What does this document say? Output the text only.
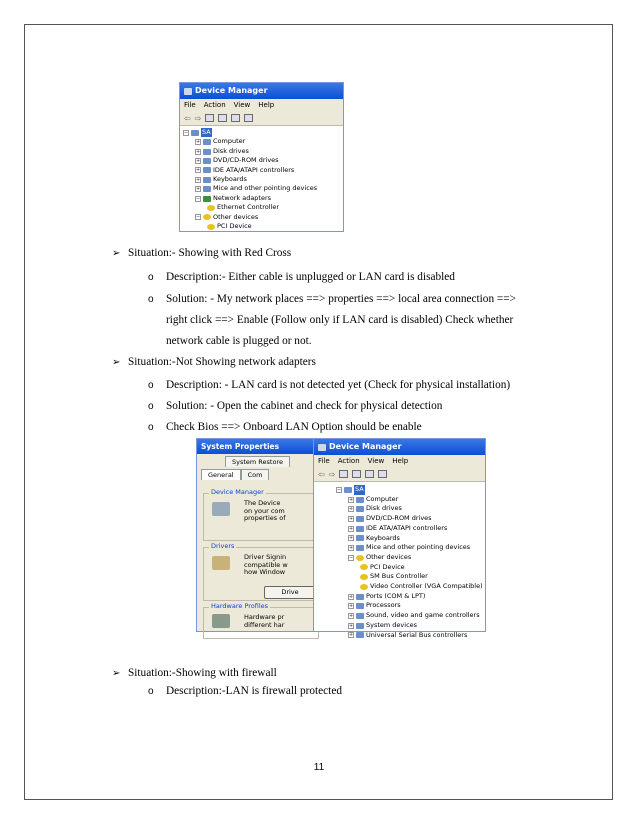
Device Manager
File Action View Help
⇦ ⇨
− SA
+ Computer
+ Disk drives
+ DVD/CD-ROM drives
+ IDE ATA/ATAPI controllers
+ Keyboards
+ Mice and other pointing devices
− Network adapters
Ethernet Controller
− Other devices
PCI Device
➢ Situation:- Showing with Red Cross
o Description:- Either cable is unplugged or LAN card is disabled
o Solution: - My network places ==> properties ==> local area connection ==>
right click ==> Enable (Follow only if LAN card is disabled) Check whether
network cable is plugged or not.
➢ Situation:-Not Showing network adapters
o Description: - LAN card is not detected yet (Check for physical installation)
o Solution: - Open the cabinet and check for physical detection
o Check Bios ==> Onboard LAN Option should be enable
System Properties
System Restore
General	Com
Device Manager
The Device
on your com
properties of
Drivers
Driver Signin
compatible w
how Window
Drive
Hardware Profiles
Hardware pr
different har
Device Manager
File Action View Help
⇦ ⇨
− SA
+ Computer
+ Disk drives
+ DVD/CD-ROM drives
+ IDE ATA/ATAPI controllers
+ Keyboards
+ Mice and other pointing devices
− Other devices
PCI Device
SM Bus Controller
Video Controller (VGA Compatible)
+ Ports (COM & LPT)
+ Processors
+ Sound, video and game controllers
+ System devices
+ Universal Serial Bus controllers
➢ Situation:-Showing with firewall
o Description:-LAN is firewall protected
11
